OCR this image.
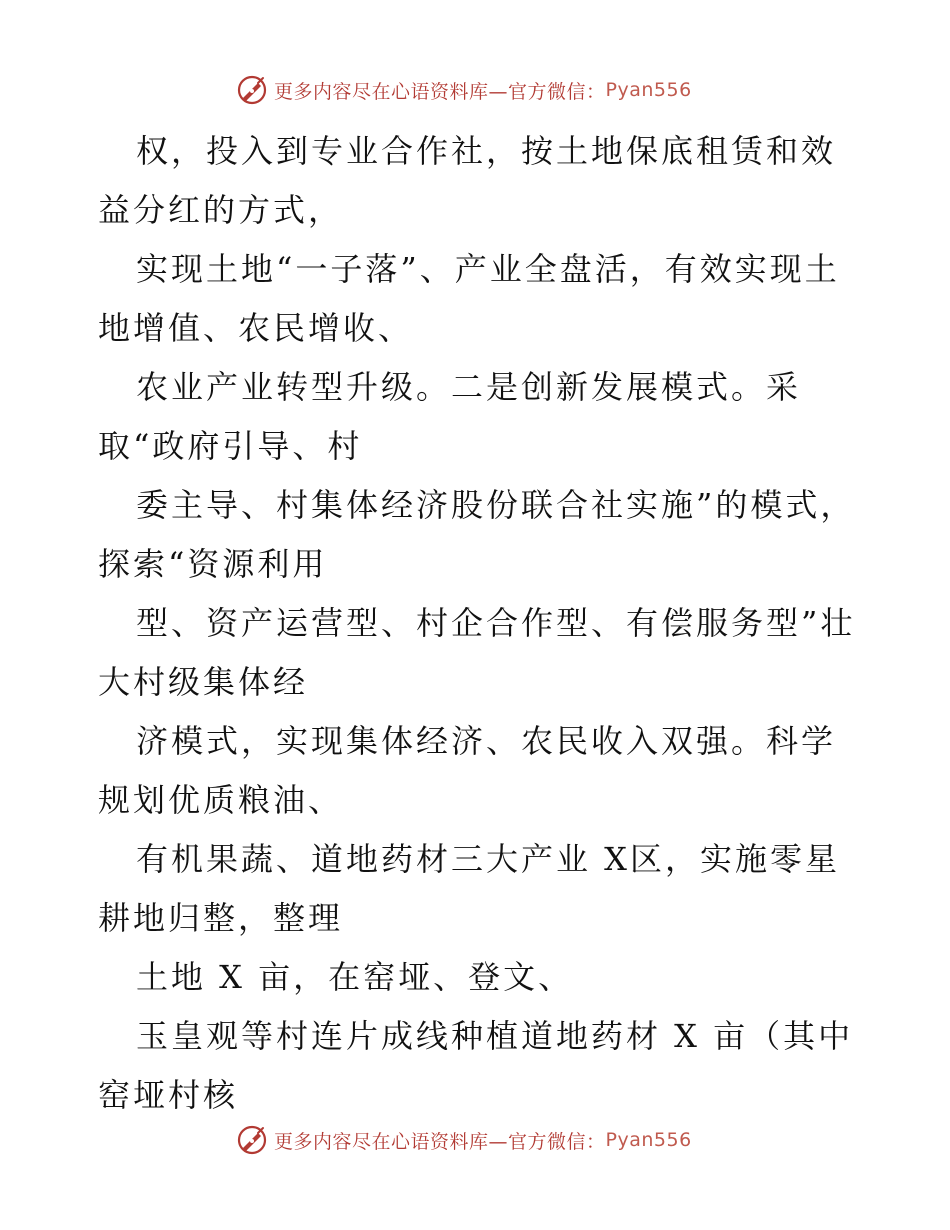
更多内容尽在心语资料库—官方微信： Pyan556

权，投入到专业合作社，按土地保底租赁和效益分红的方式，

实现土地“一子落”、产业全盘活，有效实现土地增值、农民增收、

农业产业转型升级。二是创新发展模式。采取“政府引导、村

委主导、村集体经济股份联合社实施”的模式，探索“资源利用

型、资产运营型、村企合作型、有偿服务型”壮大村级集体经

济模式，实现集体经济、农民收入双强。科学规划优质粮油、

有机果蔬、道地药材三大产业 X区，实施零星耕地归整，整理

土地 X 亩，在窑垭、登文、

玉皇观等村连片成线种植道地药材 X 亩（其中窑垭村核

更多内容尽在心语资料库—官方微信： Pyan556
